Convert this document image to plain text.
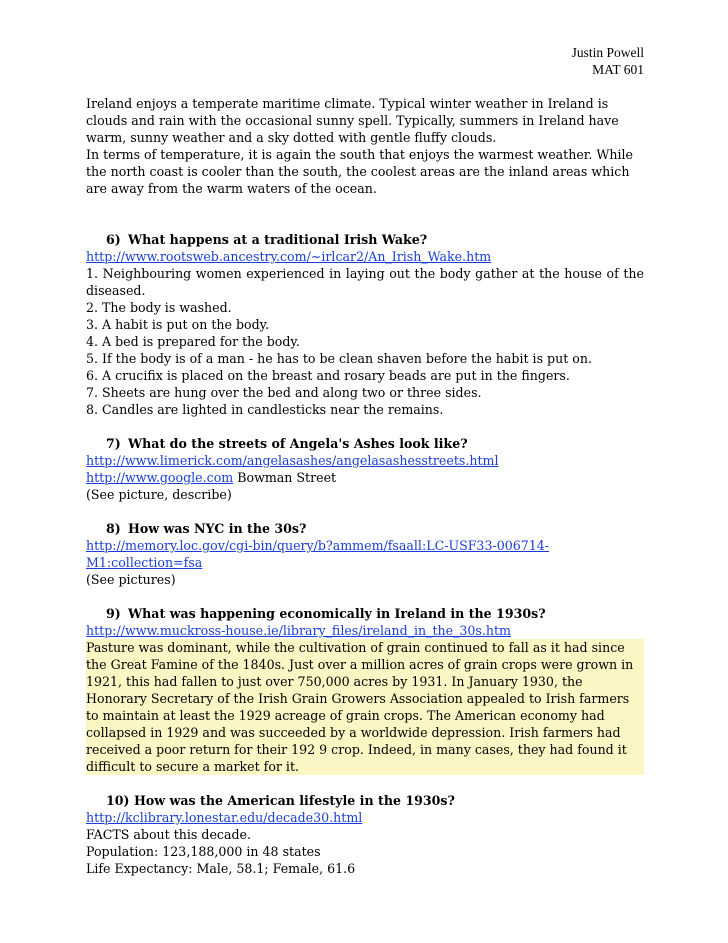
Justin Powell
MAT 601

Ireland enjoys a temperate maritime climate. Typical winter weather in Ireland is clouds and rain with the occasional sunny spell. Typically, summers in Ireland have warm, sunny weather and a sky dotted with gentle fluffy clouds.

In terms of temperature, it is again the south that enjoys the warmest weather. While the north coast is cooler than the south, the coolest areas are the inland areas which are away from the warm waters of the ocean.

6) What happens at a traditional Irish Wake?

http://www.rootsweb.ancestry.com/~irlcar2/An_Irish_Wake.htm

1. Neighbouring women experienced in laying out the body gather at the house of the diseased.
2. The body is washed.
3. A habit is put on the body.
4. A bed is prepared for the body.
5. If the body is of a man - he has to be clean shaven before the habit is put on.
6. A crucifix is placed on the breast and rosary beads are put in the fingers.
7. Sheets are hung over the bed and along two or three sides.
8. Candles are lighted in candlesticks near the remains.

7) What do the streets of Angela's Ashes look like?

http://www.limerick.com/angelasashes/angelasashesstreets.html

http://www.google.com Bowman Street

(See picture, describe)

8) How was NYC in the 30s?

http://memory.loc.gov/cgi-bin/query/b?ammem/fsaall:LC-USF33-006714-M1:collection=fsa

(See pictures)

9) What was happening economically in Ireland in the 1930s?

http://www.muckross-house.ie/library_files/ireland_in_the_30s.htm

Pasture was dominant, while the cultivation of grain continued to fall as it had since the Great Famine of the 1840s. Just over a million acres of grain crops were grown in 1921, this had fallen to just over 750,000 acres by 1931. In January 1930, the Honorary Secretary of the Irish Grain Growers Association appealed to Irish farmers to maintain at least the 1929 acreage of grain crops. The American economy had collapsed in 1929 and was succeeded by a worldwide depression. Irish farmers had received a poor return for their 192 9 crop. Indeed, in many cases, they had found it difficult to secure a market for it.

10) How was the American lifestyle in the 1930s?

http://kclibrary.lonestar.edu/decade30.html

FACTS about this decade.

Population: 123,188,000 in 48 states

Life Expectancy: Male, 58.1; Female, 61.6
